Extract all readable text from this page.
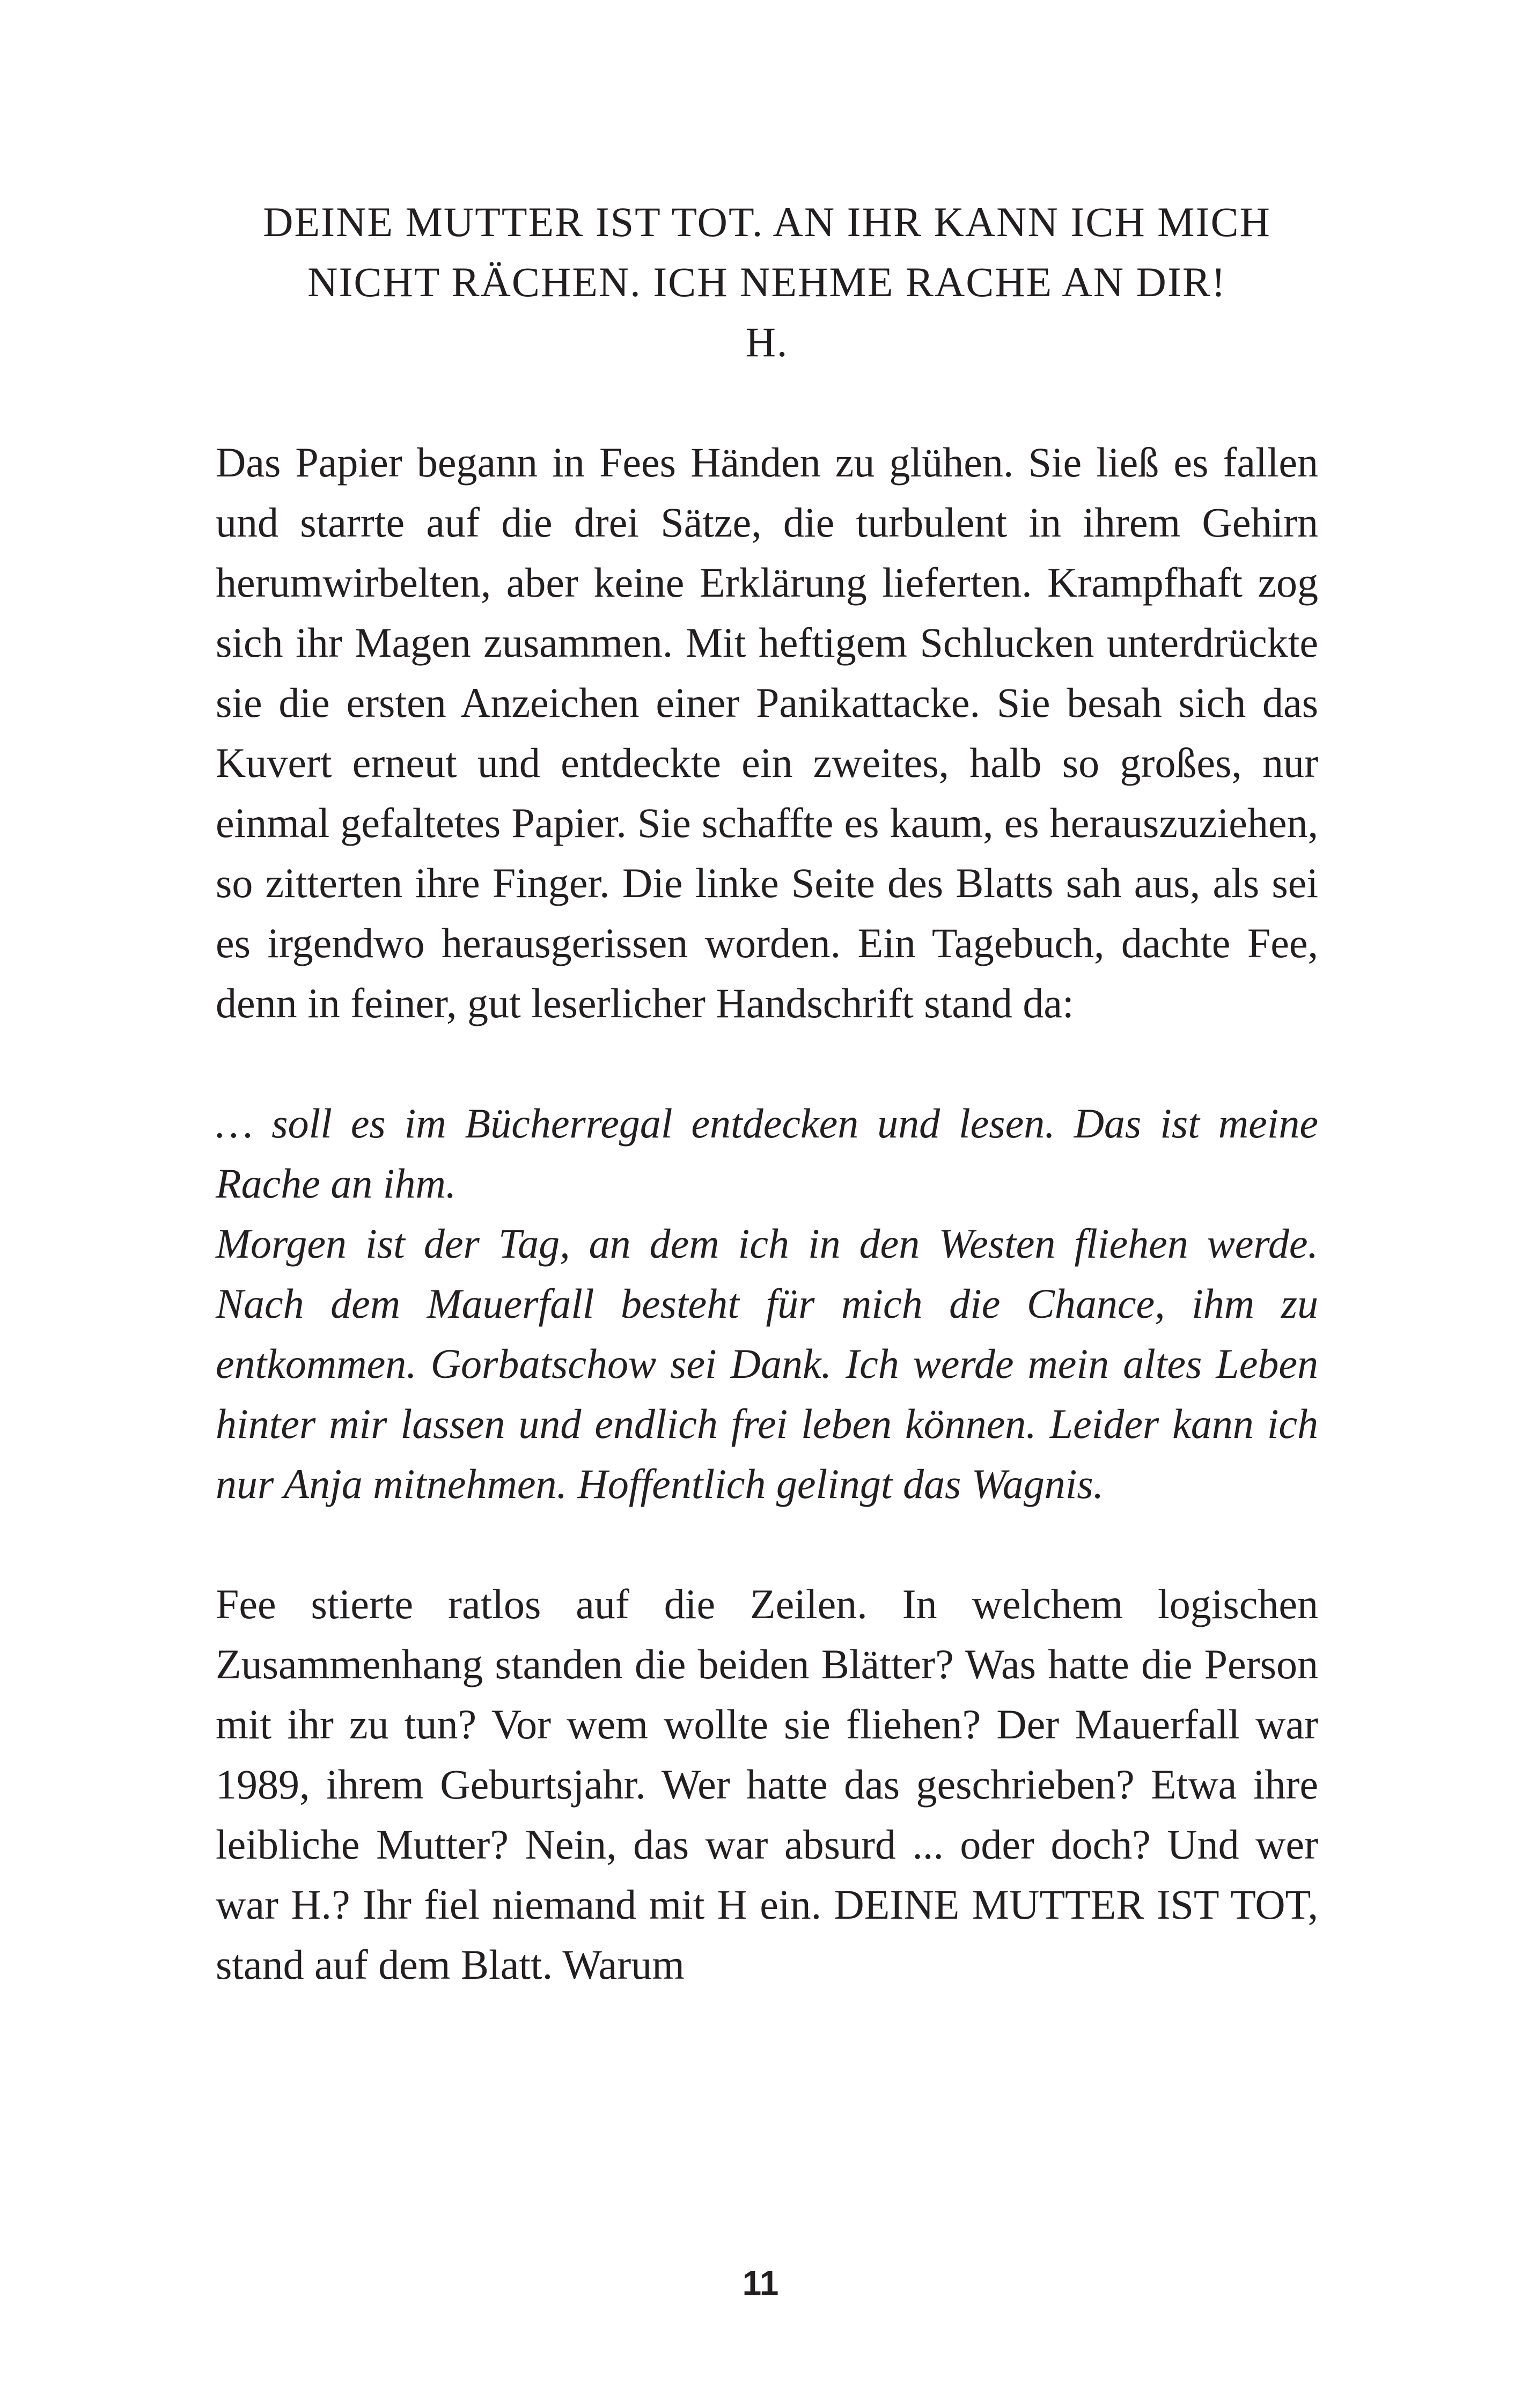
DEINE MUTTER IST TOT. AN IHR KANN ICH MICH
NICHT RÄCHEN. ICH NEHME RACHE AN DIR!
H.

Das Papier begann in Fees Händen zu glühen. Sie ließ es fallen und starrte auf die drei Sätze, die turbulent in ihrem Gehirn herumwirbelten, aber keine Erklärung lieferten. Krampfhaft zog sich ihr Magen zusammen. Mit heftigem Schlucken unterdrückte sie die ersten Anzeichen einer Panikattacke. Sie besah sich das Kuvert erneut und entdeckte ein zweites, halb so großes, nur einmal gefaltetes Papier. Sie schaffte es kaum, es herauszuziehen, so zitterten ihre Finger. Die linke Seite des Blatts sah aus, als sei es irgendwo herausgerissen worden. Ein Tagebuch, dachte Fee, denn in feiner, gut leserlicher Handschrift stand da:

… soll es im Bücherregal entdecken und lesen. Das ist meine Rache an ihm.
Morgen ist der Tag, an dem ich in den Westen fliehen werde. Nach dem Mauerfall besteht für mich die Chance, ihm zu entkommen. Gorbatschow sei Dank. Ich werde mein altes Leben hinter mir lassen und endlich frei leben können. Leider kann ich nur Anja mitnehmen. Hoffentlich gelingt das Wagnis.

Fee stierte ratlos auf die Zeilen. In welchem logischen Zusammenhang standen die beiden Blätter? Was hatte die Person mit ihr zu tun? Vor wem wollte sie fliehen? Der Mauerfall war 1989, ihrem Geburtsjahr. Wer hatte das geschrieben? Etwa ihre leibliche Mutter? Nein, das war absurd ... oder doch? Und wer war H.? Ihr fiel niemand mit H ein. DEINE MUTTER IST TOT, stand auf dem Blatt. Warum

11
